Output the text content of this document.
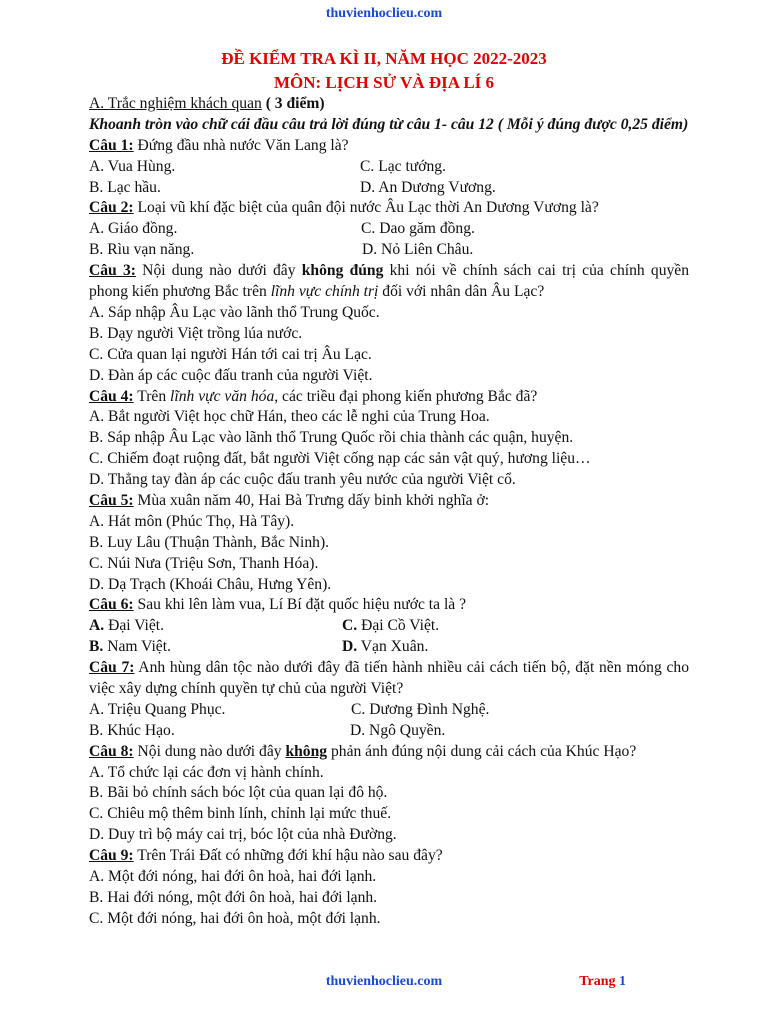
thuvienhoclieu.com
ĐỀ KIỂM TRA KÌ II, NĂM HỌC 2022-2023
MÔN: LỊCH SỬ VÀ ĐỊA LÍ 6
A. Trắc nghiệm khách quan ( 3 điểm)
Khoanh tròn vào chữ cái đầu câu trả lời đúng từ câu 1- câu 12 ( Mỗi ý đúng được 0,25 điểm)
Câu 1: Đứng đầu nhà nước Văn Lang là?
A. Vua Hùng.	C. Lạc tướng.
B. Lạc hầu.	D. An Dương Vương.
Câu 2: Loại vũ khí đặc biệt của quân đội nước Âu Lạc thời An Dương Vương là?
A. Giáo đồng.	C. Dao găm đồng.
B. Rìu vạn năng.	D. Nỏ Liên Châu.
Câu 3: Nội dung nào dưới đây không đúng khi nói về chính sách cai trị của chính quyền phong kiến phương Bắc trên lĩnh vực chính trị đối với nhân dân Âu Lạc?
A. Sáp nhập Âu Lạc vào lãnh thổ Trung Quốc.
B. Dạy người Việt trồng lúa nước.
C. Cửa quan lại người Hán tới cai trị Âu Lạc.
D. Đàn áp các cuộc đấu tranh của người Việt.
Câu 4: Trên lĩnh vực văn hóa, các triều đại phong kiến phương Bắc đã?
A. Bắt người Việt học chữ Hán, theo các lễ nghi của Trung Hoa.
B. Sáp nhập Âu Lạc vào lãnh thổ Trung Quốc rồi chia thành các quận, huyện.
C. Chiếm đoạt ruộng đất, bắt người Việt cống nạp các sản vật quý, hương liệu…
D. Thẳng tay đàn áp các cuộc đấu tranh yêu nước của người Việt cổ.
Câu 5: Mùa xuân năm 40, Hai Bà Trưng dấy binh khởi nghĩa ở:
A. Hát môn (Phúc Thọ, Hà Tây).
B. Luy Lâu (Thuận Thành, Bắc Ninh).
C. Núi Nưa (Triệu Sơn, Thanh Hóa).
D. Dạ Trạch (Khoái Châu, Hưng Yên).
Câu 6: Sau khi lên làm vua, Lí Bí đặt quốc hiệu nước ta là ?
A. Đại Việt.	C. Đại Cồ Việt.
B. Nam Việt.	D. Vạn Xuân.
Câu 7: Anh hùng dân tộc nào dưới đây đã tiến hành nhiều cải cách tiến bộ, đặt nền móng cho việc xây dựng chính quyền tự chủ của người Việt?
A. Triệu Quang Phục.	C. Dương Đình Nghệ.
B. Khúc Hạo.	D. Ngô Quyền.
Câu 8: Nội dung nào dưới đây không phản ánh đúng nội dung cải cách của Khúc Hạo?
A. Tổ chức lại các đơn vị hành chính.
B. Bãi bỏ chính sách bóc lột của quan lại đô hộ.
C. Chiêu mộ thêm binh lính, chỉnh lại mức thuế.
D. Duy trì bộ máy cai trị, bóc lột của nhà Đường.
Câu 9: Trên Trái Đất có những đới khí hậu nào sau đây?
A. Một đới nóng, hai đới ôn hoà, hai đới lạnh.
B. Hai đới nóng, một đới ôn hoà, hai đới lạnh.
C. Một đới nóng, hai đới ôn hoà, một đới lạnh.
thuvienhoclieu.com	Trang 1
